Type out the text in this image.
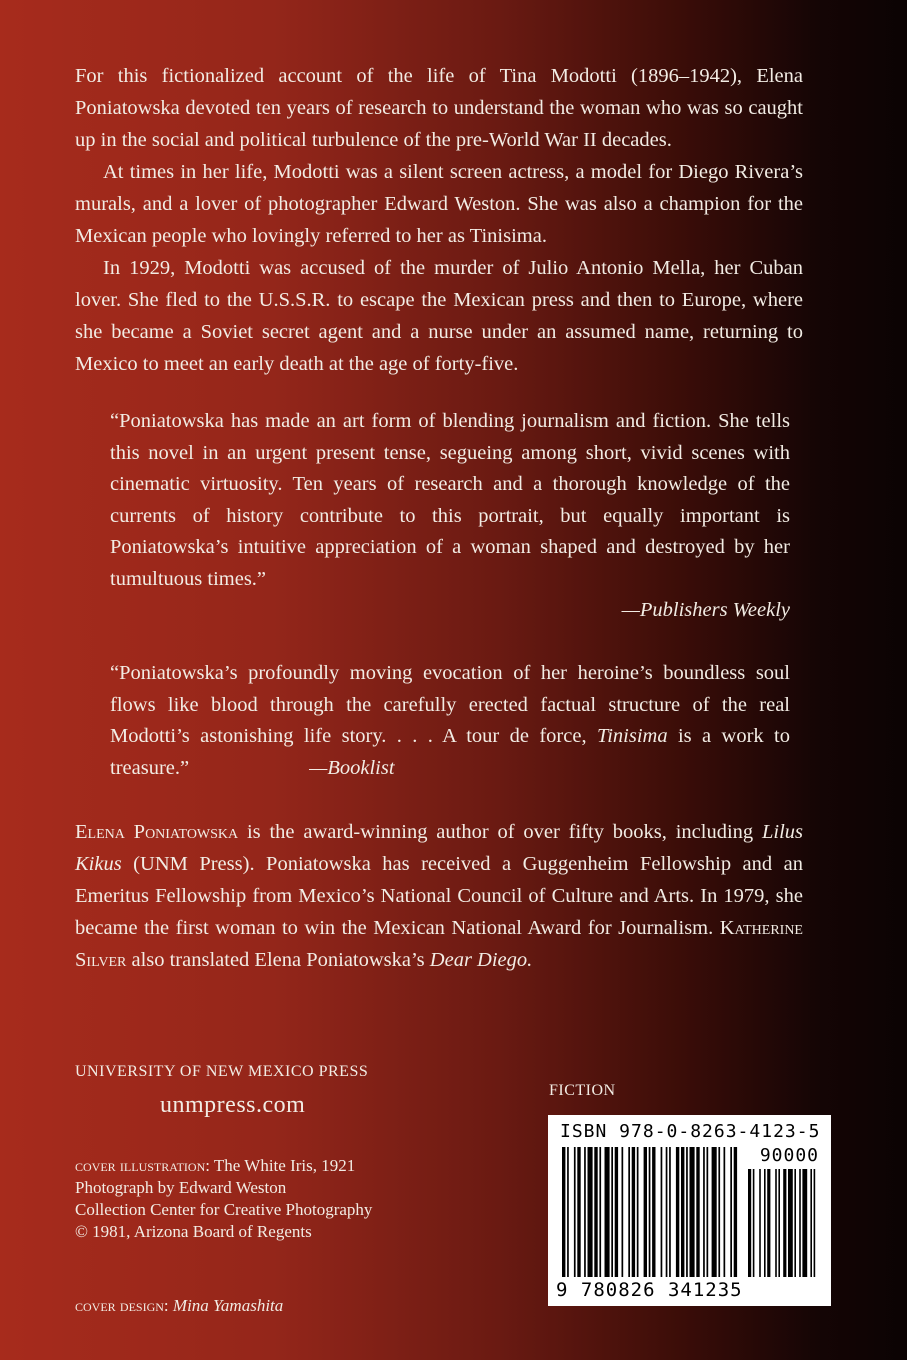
For this fictionalized account of the life of Tina Modotti (1896–1942), Elena Poniatowska devoted ten years of research to understand the woman who was so caught up in the social and political turbulence of the pre-World War II decades.

At times in her life, Modotti was a silent screen actress, a model for Diego Rivera’s murals, and a lover of photographer Edward Weston. She was also a champion for the Mexican people who lovingly referred to her as Tinisima.

In 1929, Modotti was accused of the murder of Julio Antonio Mella, her Cuban lover. She fled to the U.S.S.R. to escape the Mexican press and then to Europe, where she became a Soviet secret agent and a nurse under an assumed name, returning to Mexico to meet an early death at the age of forty-five.

“Poniatowska has made an art form of blending journalism and fiction. She tells this novel in an urgent present tense, segueing among short, vivid scenes with cinematic virtuosity. Ten years of research and a thorough knowledge of the currents of history contribute to this portrait, but equally important is Poniatowska’s intuitive appreciation of a woman shaped and destroyed by her tumultuous times.”
—Publishers Weekly
“Poniatowska’s profoundly moving evocation of her heroine’s boundless soul flows like blood through the carefully erected factual structure of the real Modotti’s astonishing life story. . . . A tour de force, Tinisima is a work to treasure.”	—Booklist
Elena Poniatowska is the award-winning author of over fifty books, including Lilus Kikus (UNM Press). Poniatowska has received a Guggenheim Fellowship and an Emeritus Fellowship from Mexico’s National Council of Culture and Arts. In 1979, she became the first woman to win the Mexican National Award for Journalism. Katherine Silver also translated Elena Poniatowska’s Dear Diego.
UNIVERSITY OF NEW MEXICO PRESS
unmpress.com
cover illustration: The White Iris, 1921
Photograph by Edward Weston
Collection Center for Creative Photography
© 1981, Arizona Board of Regents
cover design: Mina Yamashita
FICTION
ISBN 978-0-8263-4123-5
90000
9 780826 341235
